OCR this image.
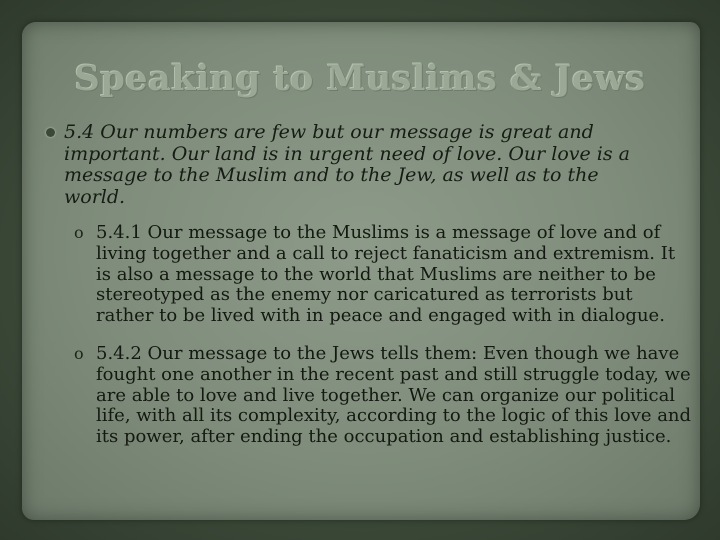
Speaking to Muslims & Jews
5.4 Our numbers are few but our message is great and important. Our land is in urgent need of love. Our love is a message to the Muslim and to the Jew, as well as to the world.
o 5.4.1 Our message to the Muslims is a message of love and of living together and a call to reject fanaticism and extremism. It is also a message to the world that Muslims are neither to be stereotyped as the enemy nor caricatured as terrorists but rather to be lived with in peace and engaged with in dialogue.
o 5.4.2 Our message to the Jews tells them: Even though we have fought one another in the recent past and still struggle today, we are able to love and live together. We can organize our political life, with all its complexity, according to the logic of this love and its power, after ending the occupation and establishing justice.
